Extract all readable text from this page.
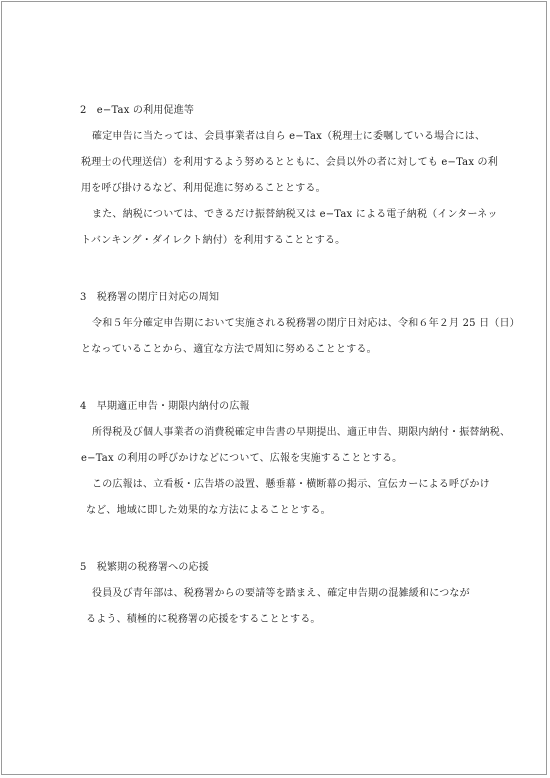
2　e−Tax の利用促進等
確定申告に当たっては、会員事業者は自ら e−Tax（税理士に委嘱している場合には、
税理士の代理送信）を利用するよう努めるとともに、会員以外の者に対しても e−Tax の利
用を呼び掛けるなど、利用促進に努めることとする。
また、納税については、できるだけ振替納税又は e−Tax による電子納税（インターネッ
トバンキング・ダイレクト納付）を利用することとする。
3　税務署の閉庁日対応の周知
令和５年分確定申告期において実施される税務署の閉庁日対応は、令和６年２月 25 日（日）
となっていることから、適宜な方法で周知に努めることとする。
4　早期適正申告・期限内納付の広報
所得税及び個人事業者の消費税確定申告書の早期提出、適正申告、期限内納付・振替納税、
e−Tax の利用の呼びかけなどについて、広報を実施することとする。
この広報は、立看板・広告塔の設置、懸垂幕・横断幕の掲示、宣伝カーによる呼びかけ
など、地域に即した効果的な方法によることとする。
5　税繁期の税務署への応援
役員及び青年部は、税務署からの要請等を踏まえ、確定申告期の混雑緩和につなが
るよう、積極的に税務署の応援をすることとする。
